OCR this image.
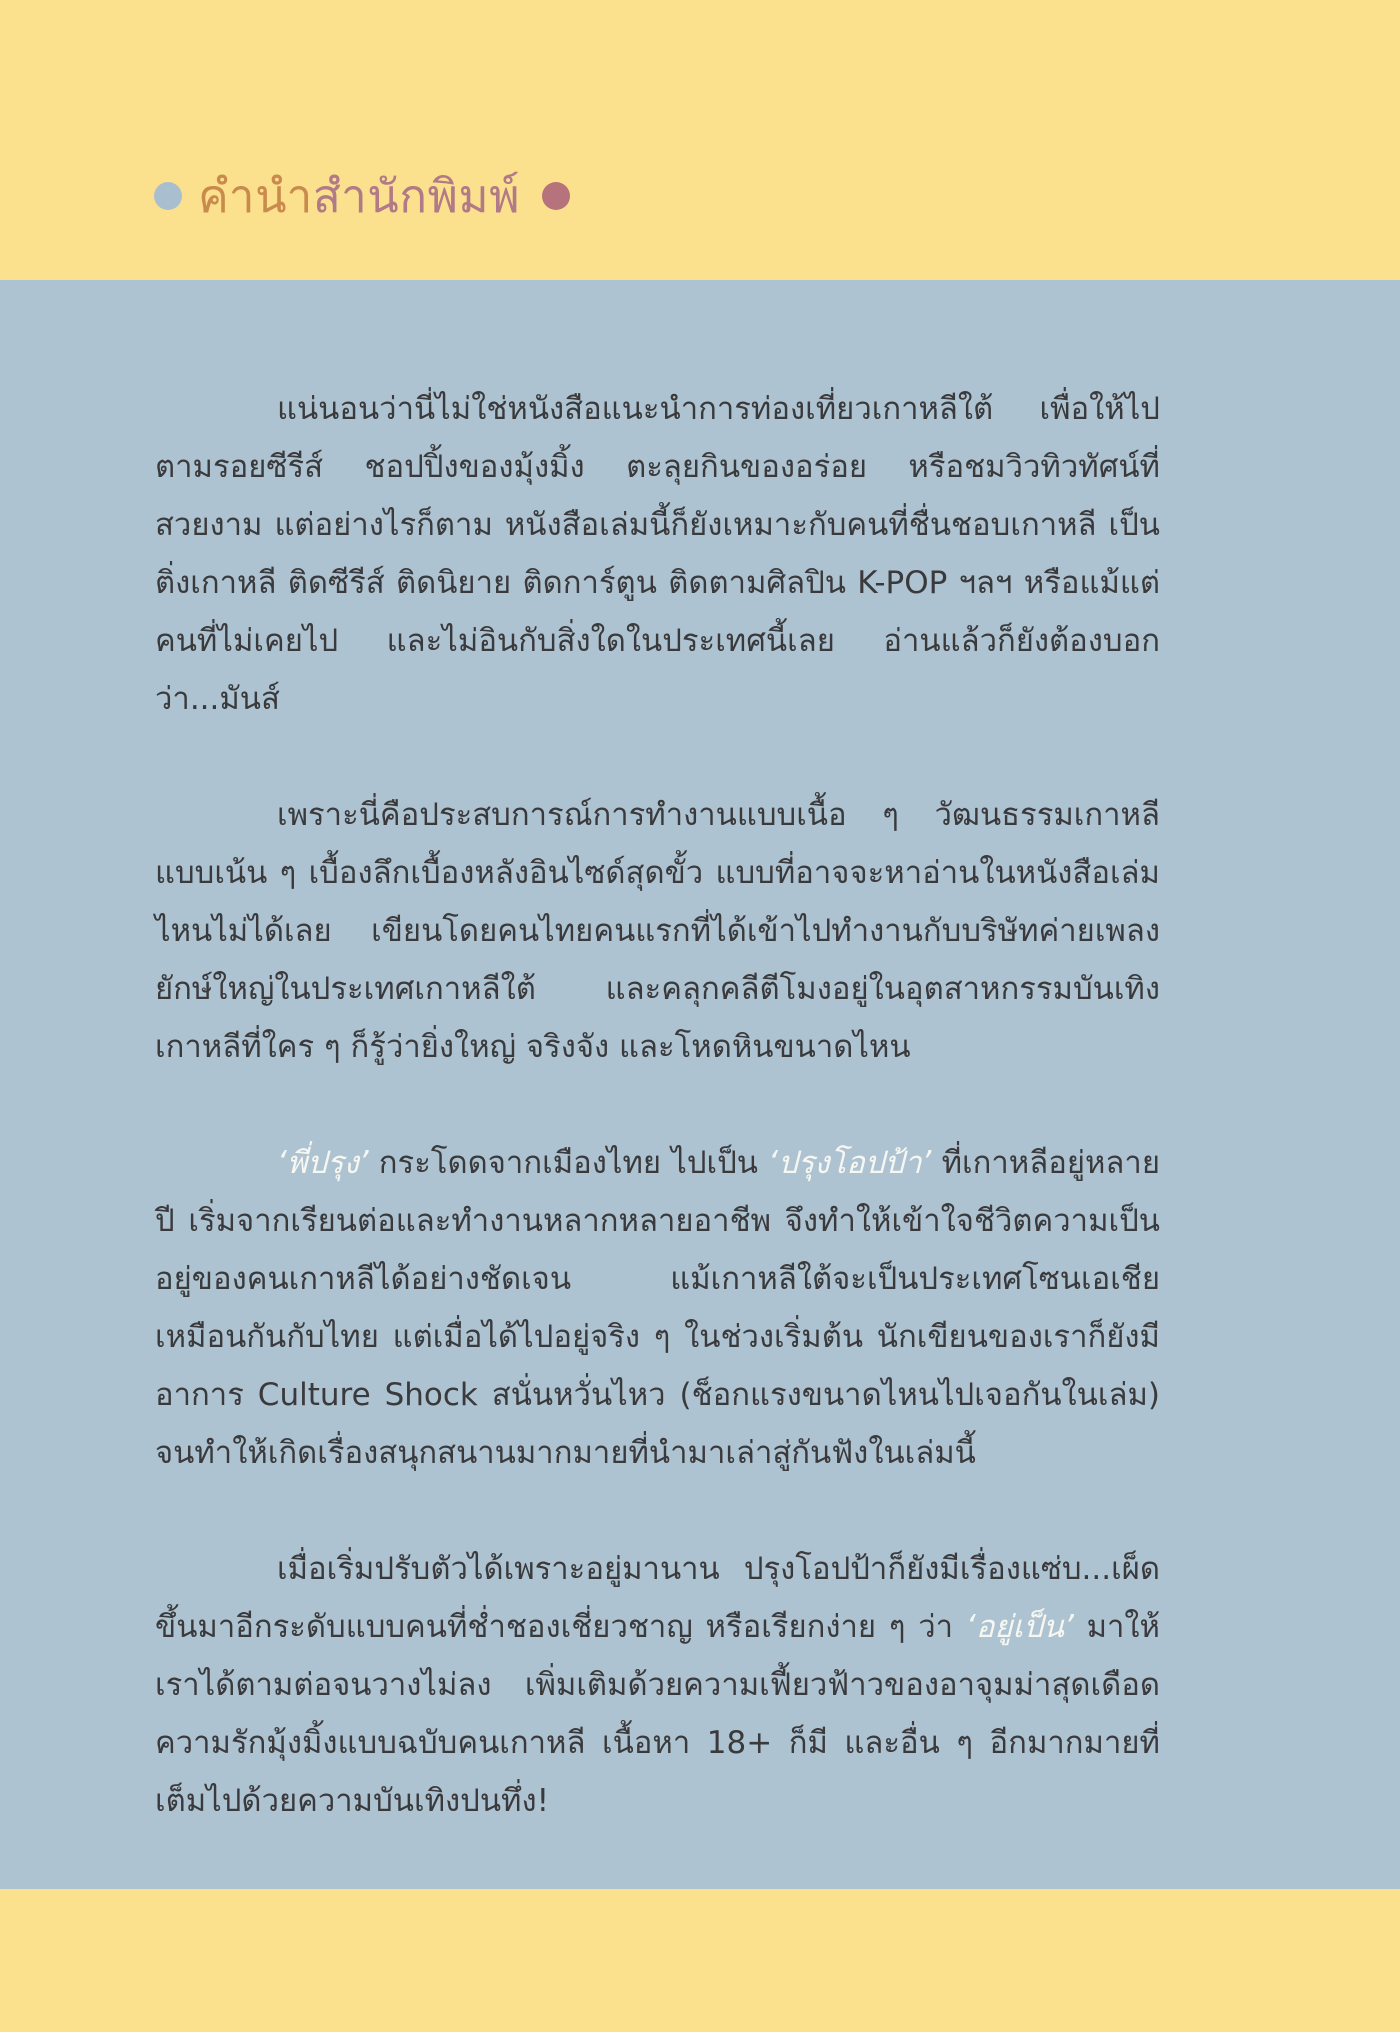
คำนำสำนักพิมพ์

แน่นอนว่านี่ไม่ใช่หนังสือแนะนำการท่องเที่ยวเกาหลีใต้ เพื่อให้ไปตามรอยซีรีส์ ชอปปิ้งของมุ้งมิ้ง ตะลุยกินของอร่อย หรือชมวิวทิวทัศน์ที่สวยงาม แต่อย่างไรก็ตาม หนังสือเล่มนี้ก็ยังเหมาะกับคนที่ชื่นชอบเกาหลี เป็นติ่งเกาหลี ติดซีรีส์ ติดนิยาย ติดการ์ตูน ติดตามศิลปิน K-POP ฯลฯ หรือแม้แต่คนที่ไม่เคยไป และไม่อินกับสิ่งใดในประเทศนี้เลย อ่านแล้วก็ยังต้องบอกว่า...มันส์

เพราะนี่คือประสบการณ์การทำงานแบบเนื้อ ๆ วัฒนธรรมเกาหลีแบบเน้น ๆ เบื้องลึกเบื้องหลังอินไซด์สุดขั้ว แบบที่อาจจะหาอ่านในหนังสือเล่มไหนไม่ได้เลย เขียนโดยคนไทยคนแรกที่ได้เข้าไปทำงานกับบริษัทค่ายเพลงยักษ์ใหญ่ในประเทศเกาหลีใต้ และคลุกคลีตีโมงอยู่ในอุตสาหกรรมบันเทิงเกาหลีที่ใคร ๆ ก็รู้ว่ายิ่งใหญ่ จริงจัง และโหดหินขนาดไหน

‘พี่ปรุง’ กระโดดจากเมืองไทย ไปเป็น ‘ปรุงโอปป้า’ ที่เกาหลีอยู่หลายปี เริ่มจากเรียนต่อและทำงานหลากหลายอาชีพ จึงทำให้เข้าใจชีวิตความเป็นอยู่ของคนเกาหลีได้อย่างชัดเจน แม้เกาหลีใต้จะเป็นประเทศโซนเอเชียเหมือนกันกับไทย แต่เมื่อได้ไปอยู่จริง ๆ ในช่วงเริ่มต้น นักเขียนของเราก็ยังมีอาการ Culture Shock สนั่นหวั่นไหว (ช็อกแรงขนาดไหนไปเจอกันในเล่ม) จนทำให้เกิดเรื่องสนุกสนานมากมายที่นำมาเล่าสู่กันฟังในเล่มนี้

เมื่อเริ่มปรับตัวได้เพราะอยู่มานาน ปรุงโอปป้าก็ยังมีเรื่องแซ่บ...เผ็ดขึ้นมาอีกระดับแบบคนที่ช่ำชองเชี่ยวชาญ หรือเรียกง่าย ๆ ว่า ‘อยู่เป็น’ มาให้เราได้ตามต่อจนวางไม่ลง เพิ่มเติมด้วยความเฟี้ยวฟ้าวของอาจุมม่าสุดเดือด ความรักมุ้งมิ้งแบบฉบับคนเกาหลี เนื้อหา 18+ ก็มี และอื่น ๆ อีกมากมายที่เต็มไปด้วยความบันเทิงปนทึ่ง!
